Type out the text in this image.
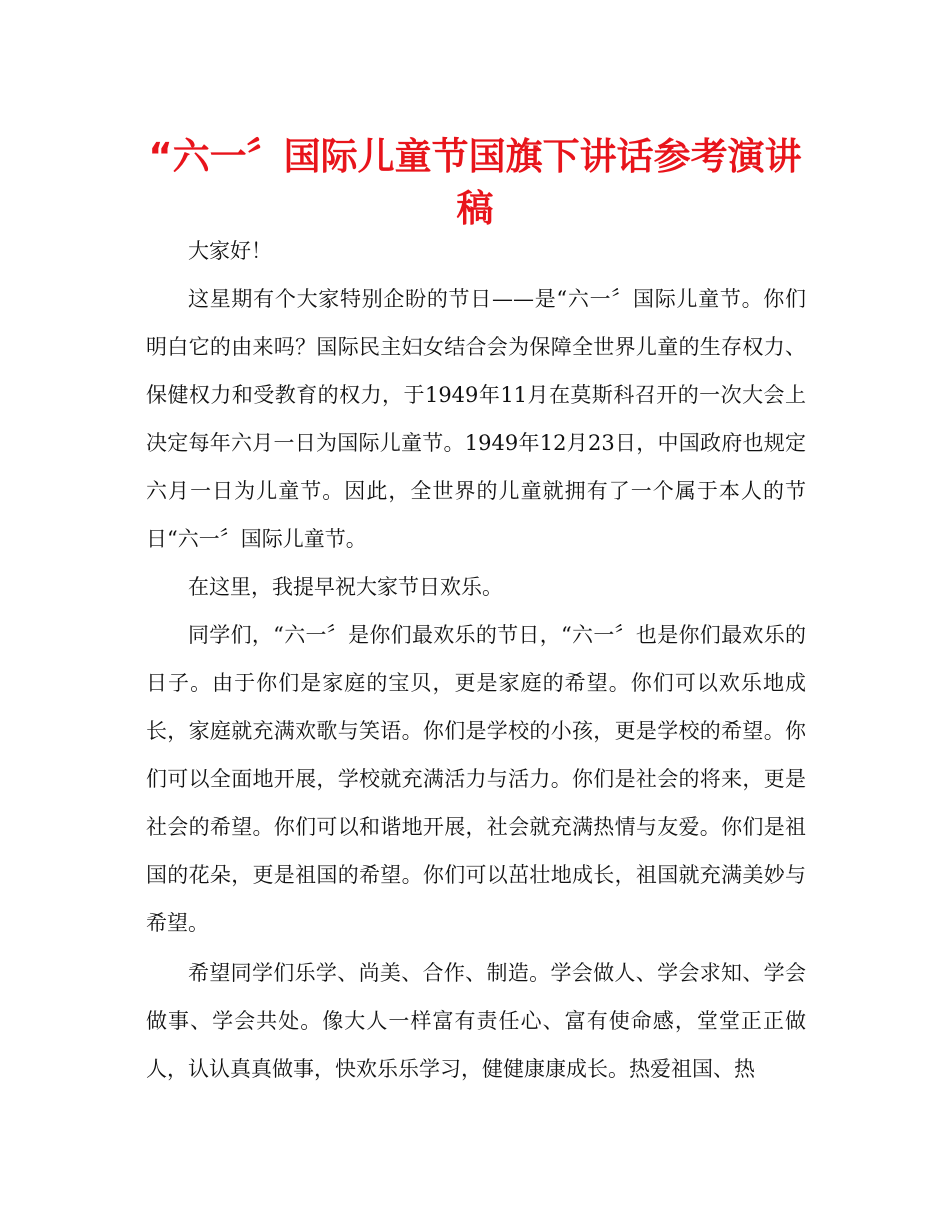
“六一〞国际儿童节国旗下讲话参考演讲稿

大家好！

这星期有个大家特别企盼的节日——是“六一〞国际儿童节。你们明白它的由来吗？国际民主妇女结合会为保障全世界儿童的生存权力、保健权力和受教育的权力，于1949年11月在莫斯科召开的一次大会上决定每年六月一日为国际儿童节。1949年12月23日，中国政府也规定六月一日为儿童节。因此，全世界的儿童就拥有了一个属于本人的节日“六一〞国际儿童节。

在这里，我提早祝大家节日欢乐。

同学们，“六一〞是你们最欢乐的节日，“六一〞也是你们最欢乐的日子。由于你们是家庭的宝贝，更是家庭的希望。你们可以欢乐地成长，家庭就充满欢歌与笑语。你们是学校的小孩，更是学校的希望。你们可以全面地开展，学校就充满活力与活力。你们是社会的将来，更是社会的希望。你们可以和谐地开展，社会就充满热情与友爱。你们是祖国的花朵，更是祖国的希望。你们可以茁壮地成长，祖国就充满美妙与希望。

希望同学们乐学、尚美、合作、制造。学会做人、学会求知、学会做事、学会共处。像大人一样富有责任心、富有使命感，堂堂正正做人，认认真真做事，快欢乐乐学习，健健康康成长。热爱祖国、热
